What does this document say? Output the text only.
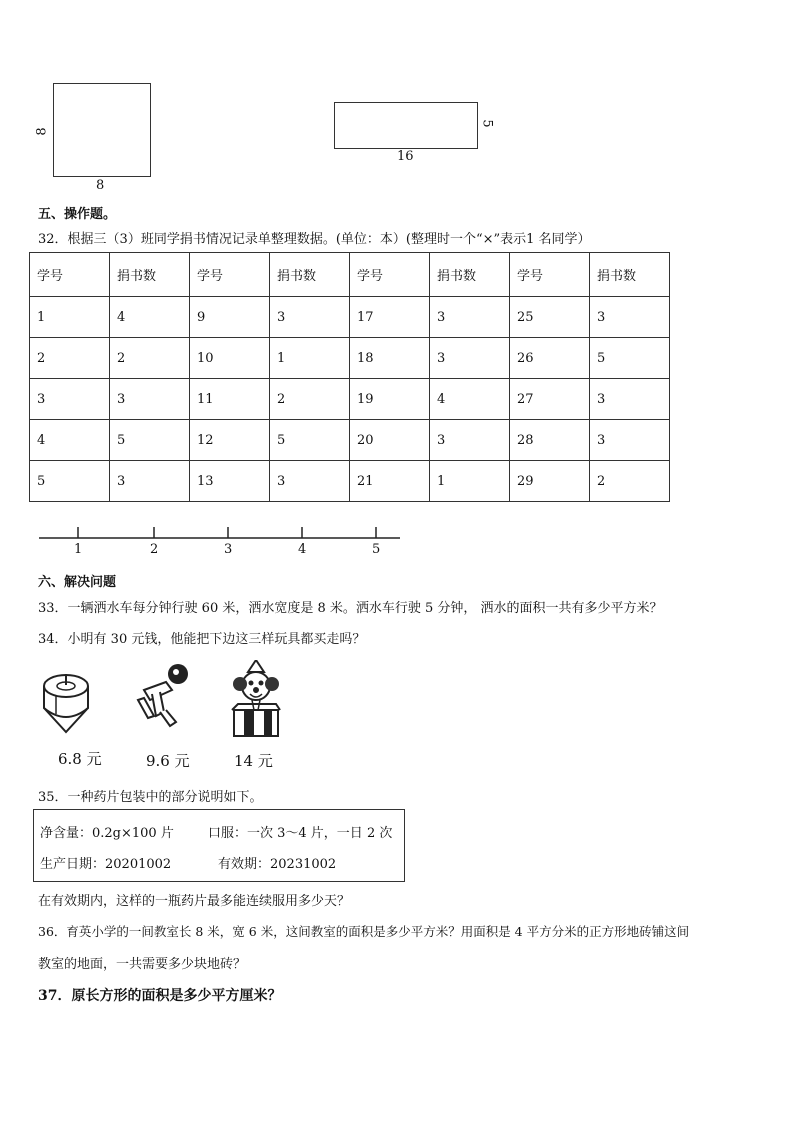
8
8
5
16
五、操作题。
32．根据三（3）班同学捐书情况记录单整理数据。(单位：本）(整理时一个“×”表示1 名同学）
学号	捐书数	学号	捐书数	学号	捐书数	学号	捐书数
1	4	9	3	17	3	25	3
2	2	10	1	18	3	26	5
3	3	11	2	19	4	27	3
4	5	12	5	20	3	28	3
5	3	13	3	21	1	29	2
1	2	3	4	5
六、解决问题
33．一辆洒水车每分钟行驶 60 米，洒水宽度是 8 米。洒水车行驶 5 分钟， 洒水的面积一共有多少平方米？
34．小明有 30 元钱，他能把下边这三样玩具都买走吗？
6.8 元	9.6 元	14 元
35．一种药片包装中的部分说明如下。
净含量：0.2g×100 片	口服：一次 3～4 片，一日 2 次
生产日期：20201002	有效期：20231002
在有效期内，这样的一瓶药片最多能连续服用多少天？
36．育英小学的一间教室长 8 米，宽 6 米，这间教室的面积是多少平方米？用面积是 4 平方分米的正方形地砖铺这间
教室的地面，一共需要多少块地砖？
37．原长方形的面积是多少平方厘米？
